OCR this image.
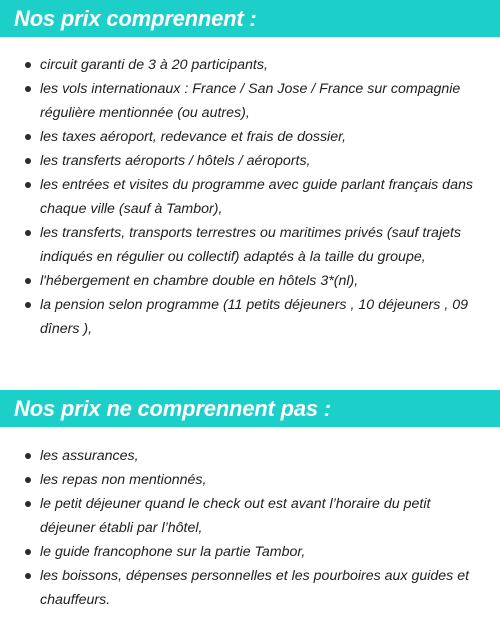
Nos prix comprennent :
circuit garanti de 3 à 20 participants,
les vols internationaux : France / San Jose / France sur compagnie régulière mentionnée (ou autres),
les taxes aéroport, redevance et frais de dossier,
les transferts aéroports / hôtels / aéroports,
les entrées et visites du programme avec guide parlant français dans chaque ville (sauf à Tambor),
les transferts, transports terrestres ou maritimes privés (sauf trajets indiqués en régulier ou collectif) adaptés à la taille du groupe,
l'hébergement en chambre double en hôtels 3*(nl),
la pension selon programme (11 petits déjeuners , 10 déjeuners , 09 dîners ),
Nos prix ne comprennent pas :
les assurances,
les repas non mentionnés,
le petit déjeuner quand le check out est avant l’horaire du petit déjeuner établi par l’hôtel,
le guide francophone sur la partie Tambor,
les boissons, dépenses personnelles et les pourboires aux guides et chauffeurs.
